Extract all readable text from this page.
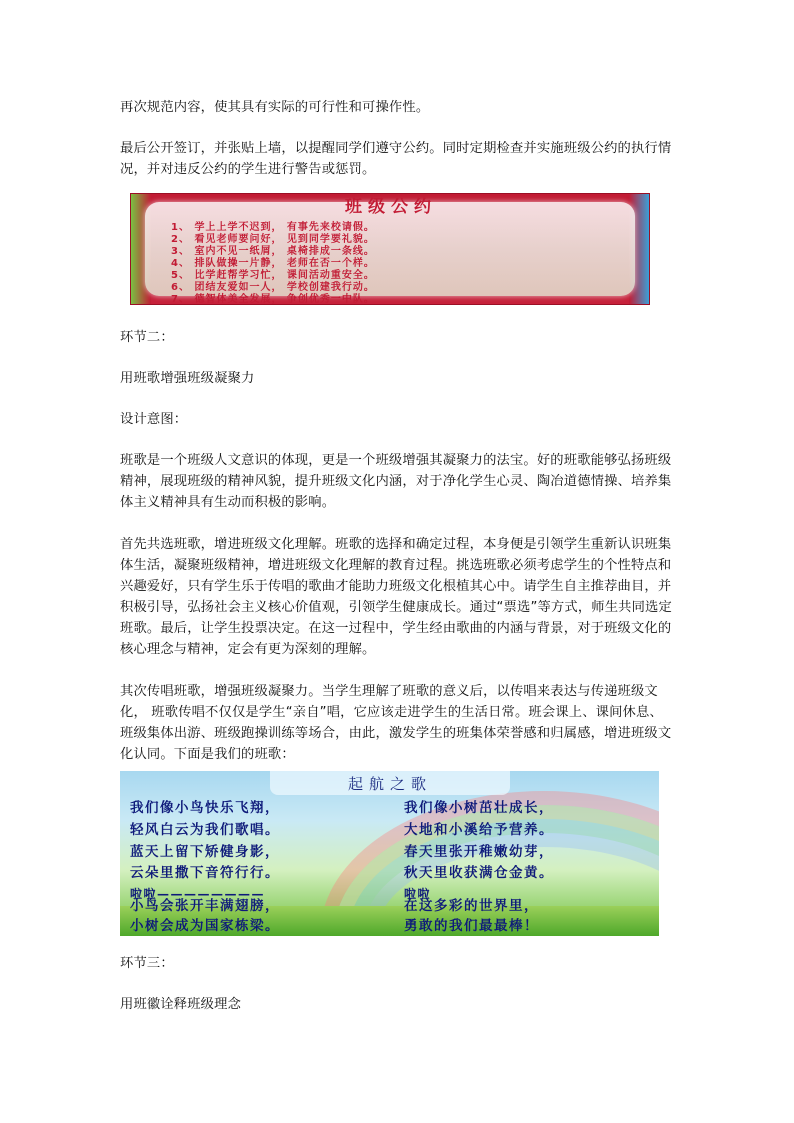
再次规范内容，使其具有实际的可行性和可操作性。

最后公开签订，并张贴上墙，以提醒同学们遵守公约。同时定期检查并实施班级公约的执行情况，并对违反公约的学生进行警告或惩罚。

班级公约
1、 学上上学不迟到， 有事先来校请假。
2、 看见老师要问好， 见到同学要礼貌。
3、 室内不见一纸屑， 桌椅排成一条线。
4、 排队做操一片静， 老师在否一个样。
5、 比学赶帮学习忙， 课间活动重安全。
6、 团结友爱如一人， 学校创建我行动。
7、 德智体美全发展， 争创优秀一中队。

环节二：

用班歌增强班级凝聚力

设计意图：

班歌是一个班级人文意识的体现，更是一个班级增强其凝聚力的法宝。好的班歌能够弘扬班级精神，展现班级的精神风貌，提升班级文化内涵，对于净化学生心灵、陶冶道德情操、培养集体主义精神具有生动而积极的影响。

首先共选班歌，增进班级文化理解。班歌的选择和确定过程，本身便是引领学生重新认识班集体生活，凝聚班级精神，增进班级文化理解的教育过程。挑选班歌必须考虑学生的个性特点和兴趣爱好，只有学生乐于传唱的歌曲才能助力班级文化根植其心中。请学生自主推荐曲目，并积极引导，弘扬社会主义核心价值观，引领学生健康成长。通过“票选”等方式，师生共同选定班歌。最后，让学生投票决定。在这一过程中，学生经由歌曲的内涵与背景，对于班级文化的核心理念与精神，定会有更为深刻的理解。

其次传唱班歌，增强班级凝聚力。当学生理解了班歌的意义后，以传唱来表达与传递班级文化， 班歌传唱不仅仅是学生“亲自”唱，它应该走进学生的生活日常。班会课上、课间休息、班级集体出游、班级跑操训练等场合，由此，激发学生的班集体荣誉感和归属感，增进班级文化认同。下面是我们的班歌：

起航之歌
我们像小鸟快乐飞翔，
轻风白云为我们歌唱。
蓝天上留下矫健身影，
云朵里撒下音符行行。
啦啦————————
小鸟会张开丰满翅膀，
小树会成为国家栋梁。
我们像小树茁壮成长，
大地和小溪给予营养。
春天里张开稚嫩幼芽，
秋天里收获满仓金黄。
啦啦
在这多彩的世界里，
勇敢的我们最最棒！

环节三：

用班徽诠释班级理念
